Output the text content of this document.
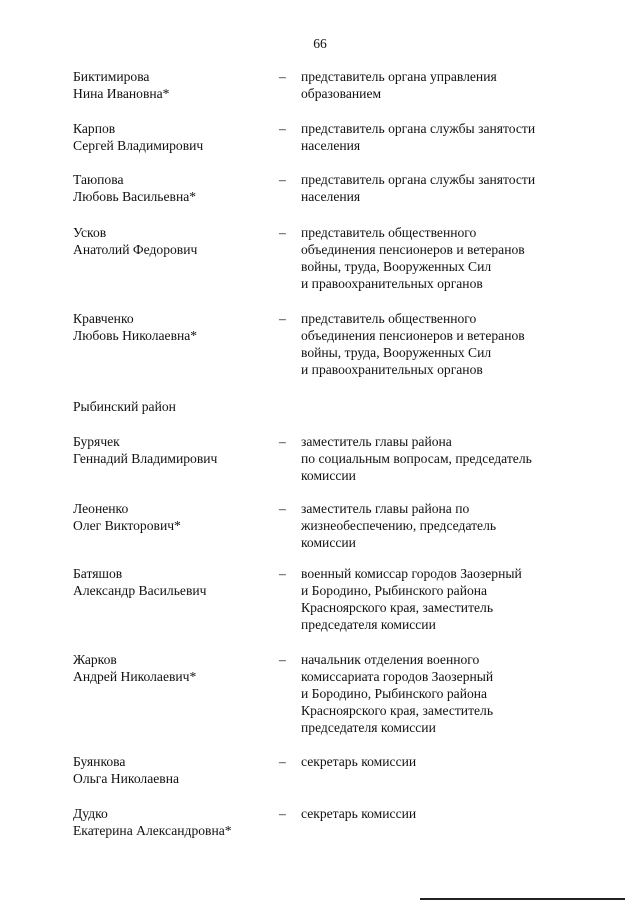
66
Биктимирова
Нина Ивановна*
– представитель органа управления
образованием
Карпов
Сергей Владимирович
– представитель органа службы занятости
населения
Таюпова
Любовь Васильевна*
– представитель органа службы занятости
населения
Усков
Анатолий Федорович
– представитель общественного
объединения пенсионеров и ветеранов
войны, труда, Вооруженных Сил
и правоохранительных органов
Кравченко
Любовь Николаевна*
– представитель общественного
объединения пенсионеров и ветеранов
войны, труда, Вооруженных Сил
и правоохранительных органов
Рыбинский район
Бурячек
Геннадий Владимирович
– заместитель главы района
по социальным вопросам, председатель
комиссии
Леоненко
Олег Викторович*
– заместитель главы района по
жизнеобеспечению, председатель
комиссии
Батяшов
Александр Васильевич
– военный комиссар городов Заозерный
и Бородино, Рыбинского района
Красноярского края, заместитель
председателя комиссии
Жарков
Андрей Николаевич*
– начальник отделения военного
комиссариата городов Заозерный
и Бородино, Рыбинского района
Красноярского края, заместитель
председателя комиссии
Буянкова
Ольга Николаевна
– секретарь комиссии
Дудко
Екатерина Александровна*
– секретарь комиссии
